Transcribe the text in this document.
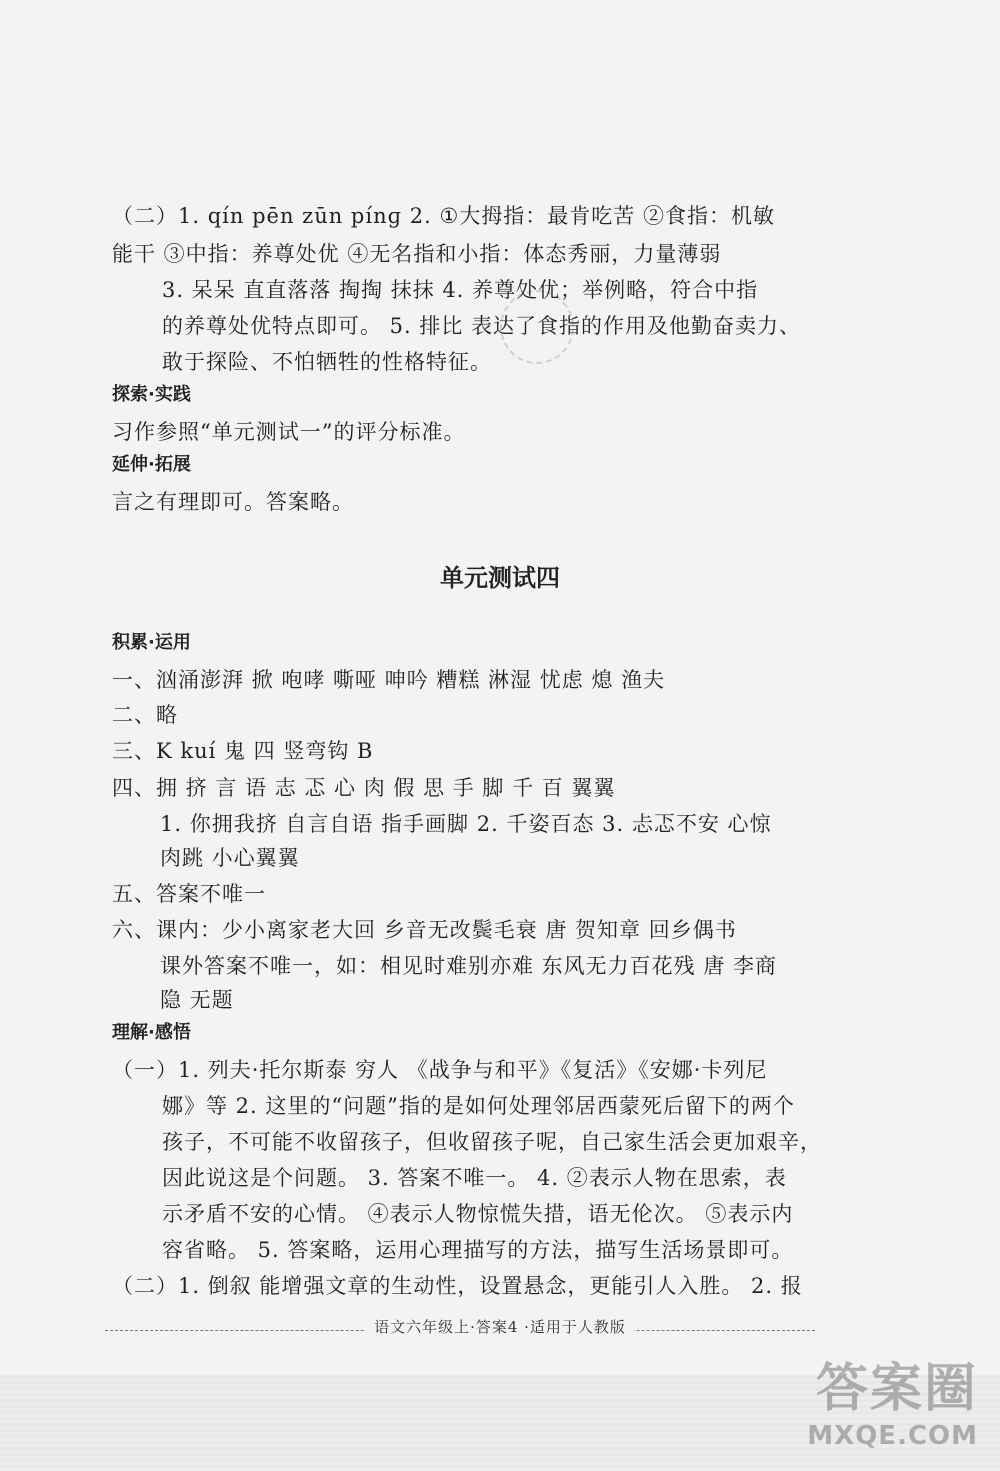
（二）1. qín pēn zūn pínɡ 2. ①大拇指：最肯吃苦 ②食指：机敏
能干 ③中指：养尊处优 ④无名指和小指：体态秀丽，力量薄弱
3. 呆呆 直直落落 掏掏 抹抹 4. 养尊处优；举例略，符合中指
的养尊处优特点即可。 5. 排比 表达了食指的作用及他勤奋卖力、
敢于探险、不怕牺牲的性格特征。
探索·实践
习作参照“单元测试一”的评分标准。
延伸·拓展
言之有理即可。答案略。
单元测试四
积累·运用
一、汹涌澎湃 掀 咆哮 嘶哑 呻吟 糟糕 淋湿 忧虑 熄 渔夫
二、略
三、K kuí 鬼 四 竖弯钩 B
四、拥 挤 言 语 志 忑 心 肉 假 思 手 脚 千 百 翼翼
1. 你拥我挤 自言自语 指手画脚 2. 千姿百态 3. 忐忑不安 心惊
肉跳 小心翼翼
五、答案不唯一
六、课内：少小离家老大回 乡音无改鬓毛衰 唐 贺知章 回乡偶书
课外答案不唯一，如：相见时难别亦难 东风无力百花残 唐 李商
隐 无题
理解·感悟
（一）1. 列夫·托尔斯泰 穷人 《战争与和平》《复活》《安娜·卡列尼
娜》等 2. 这里的“问题”指的是如何处理邻居西蒙死后留下的两个
孩子，不可能不收留孩子，但收留孩子呢，自己家生活会更加艰辛，
因此说这是个问题。 3. 答案不唯一。 4. ②表示人物在思索，表
示矛盾不安的心情。 ④表示人物惊慌失措，语无伦次。 ⑤表示内
容省略。 5. 答案略，运用心理描写的方法，描写生活场景即可。
（二）1. 倒叙 能增强文章的生动性，设置悬念，更能引人入胜。 2. 报
语文六年级上·答案4 ·适用于人教版
答案圈
MXQE.COM
